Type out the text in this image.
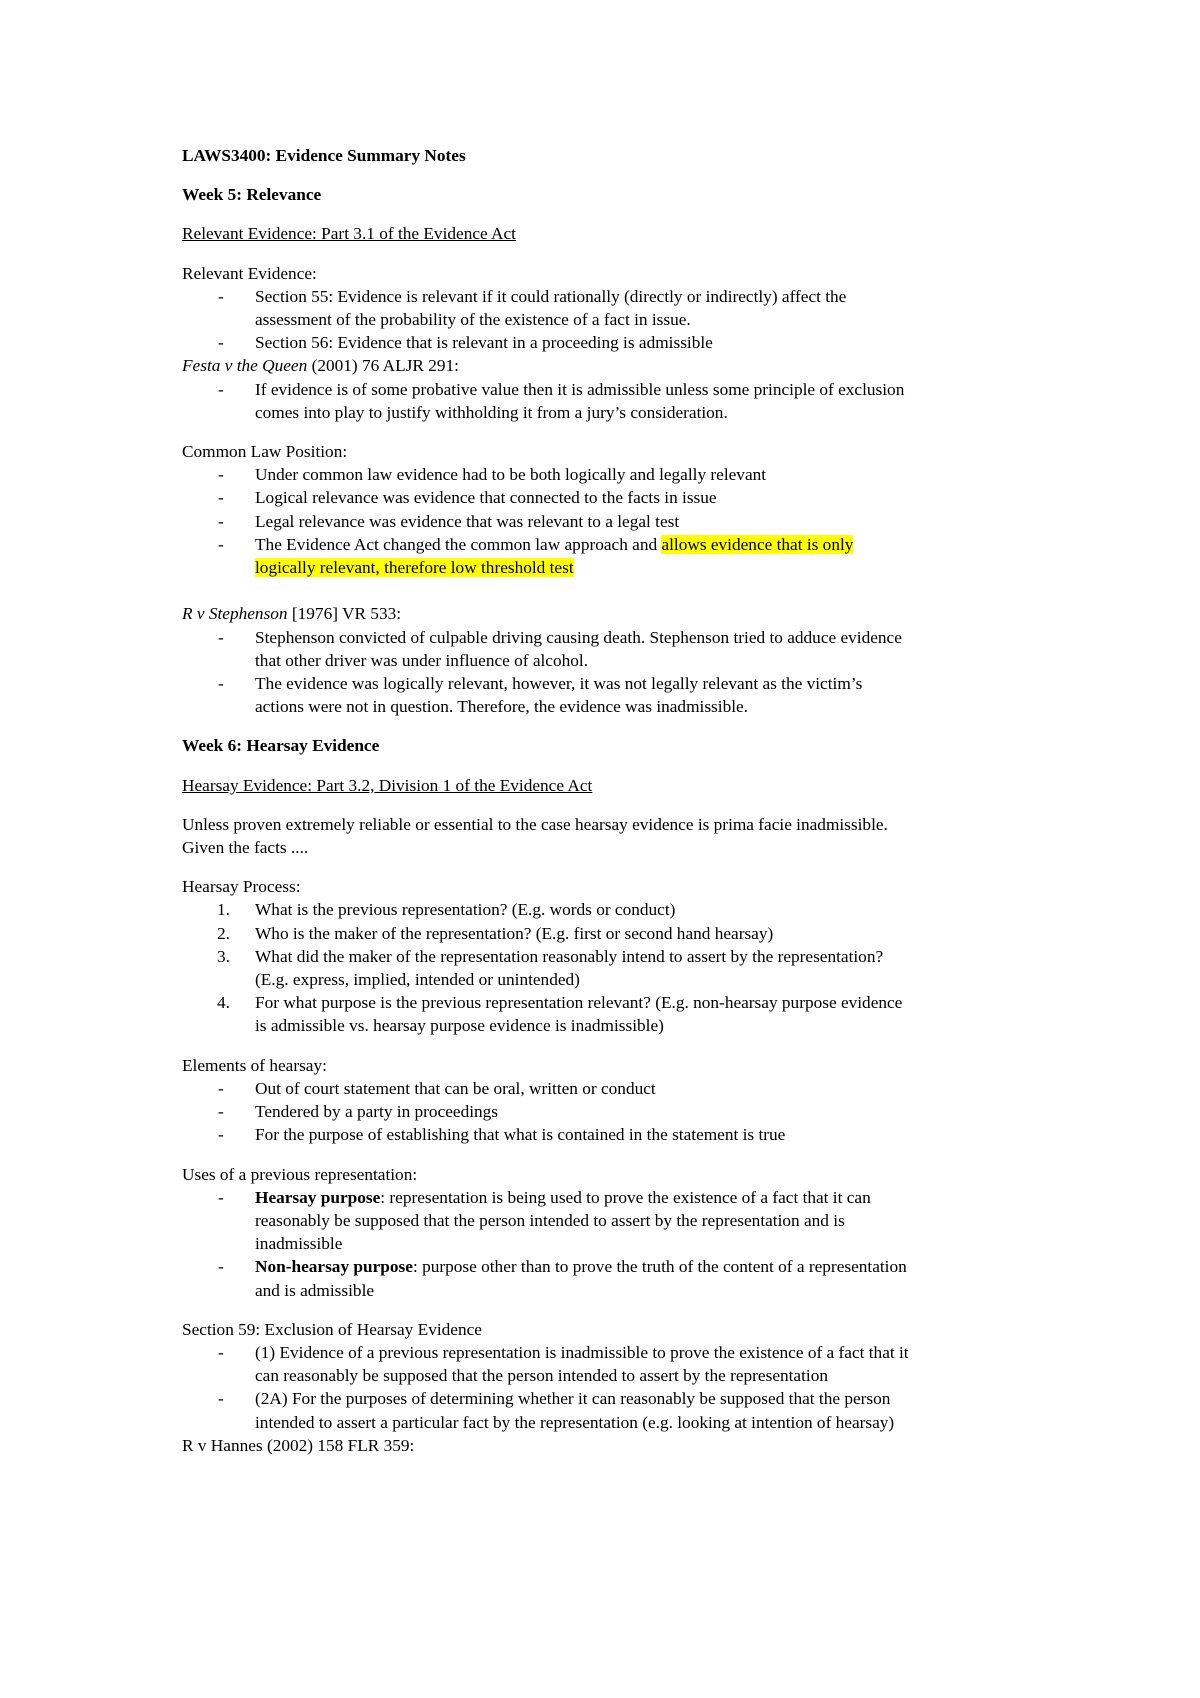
LAWS3400: Evidence Summary Notes
Week 5: Relevance
Relevant Evidence: Part 3.1 of the Evidence Act
Relevant Evidence:
- Section 55: Evidence is relevant if it could rationally (directly or indirectly) affect the
assessment of the probability of the existence of a fact in issue.
- Section 56: Evidence that is relevant in a proceeding is admissible
Festa v the Queen (2001) 76 ALJR 291:
- If evidence is of some probative value then it is admissible unless some principle of exclusion
comes into play to justify withholding it from a jury’s consideration.
Common Law Position:
- Under common law evidence had to be both logically and legally relevant
- Logical relevance was evidence that connected to the facts in issue
- Legal relevance was evidence that was relevant to a legal test
- The Evidence Act changed the common law approach and allows evidence that is only
logically relevant, therefore low threshold test
R v Stephenson [1976] VR 533:
- Stephenson convicted of culpable driving causing death. Stephenson tried to adduce evidence
that other driver was under influence of alcohol.
- The evidence was logically relevant, however, it was not legally relevant as the victim’s
actions were not in question. Therefore, the evidence was inadmissible.
Week 6: Hearsay Evidence
Hearsay Evidence: Part 3.2, Division 1 of the Evidence Act
Unless proven extremely reliable or essential to the case hearsay evidence is prima facie inadmissible.
Given the facts ....
Hearsay Process:
1. What is the previous representation? (E.g. words or conduct)
2. Who is the maker of the representation? (E.g. first or second hand hearsay)
3. What did the maker of the representation reasonably intend to assert by the representation?
(E.g. express, implied, intended or unintended)
4. For what purpose is the previous representation relevant? (E.g. non-hearsay purpose evidence
is admissible vs. hearsay purpose evidence is inadmissible)
Elements of hearsay:
- Out of court statement that can be oral, written or conduct
- Tendered by a party in proceedings
- For the purpose of establishing that what is contained in the statement is true
Uses of a previous representation:
- Hearsay purpose: representation is being used to prove the existence of a fact that it can
reasonably be supposed that the person intended to assert by the representation and is
inadmissible
- Non-hearsay purpose: purpose other than to prove the truth of the content of a representation
and is admissible
Section 59: Exclusion of Hearsay Evidence
- (1) Evidence of a previous representation is inadmissible to prove the existence of a fact that it
can reasonably be supposed that the person intended to assert by the representation
- (2A) For the purposes of determining whether it can reasonably be supposed that the person
intended to assert a particular fact by the representation (e.g. looking at intention of hearsay)
R v Hannes (2002) 158 FLR 359:
